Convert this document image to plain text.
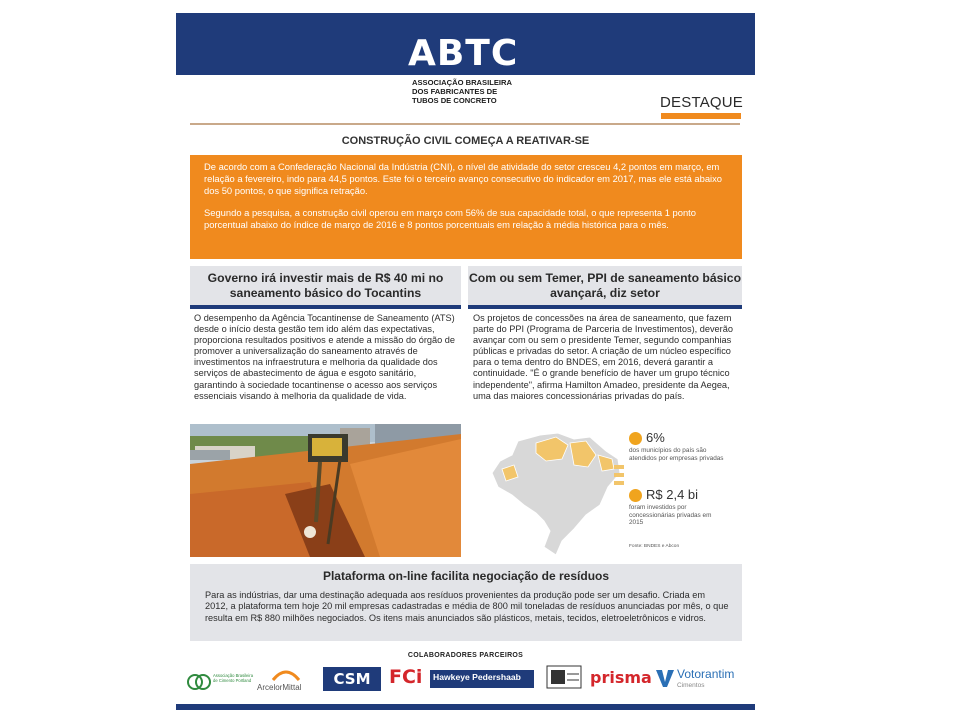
ABTC
ASSOCIAÇÃO BRASILEIRA
DOS FABRICANTES DE
TUBOS DE CONCRETO	DESTAQUE
CONSTRUÇÃO CIVIL COMEÇA A REATIVAR-SE

De acordo com a Confederação Nacional da Indústria (CNI), o nível de atividade do setor cresceu 4,2 pontos em março, em relação a fevereiro, indo para 44,5 pontos. Este foi o terceiro avanço consecutivo do indicador em 2017, mas ele está abaixo dos 50 pontos, o que significa retração.

Segundo a pesquisa, a construção civil operou em março com 56% de sua capacidade total, o que representa 1 ponto porcentual abaixo do índice de março de 2016 e 8 pontos porcentuais em relação à média histórica para o mês.

Governo irá investir mais de R$ 40 mi no saneamento básico do Tocantins
O desempenho da Agência Tocantinense de Saneamento (ATS) desde o início desta gestão tem ido além das expectativas, proporciona resultados positivos e atende a missão do órgão de promover a universalização do saneamento através de investimentos na infraestrutura e melhoria da qualidade dos serviços de abastecimento de água e esgoto sanitário, garantindo à sociedade tocantinense o acesso aos serviços essenciais visando à melhoria da qualidade de vida.
Com ou sem Temer, PPI de saneamento básico avançará, diz setor
Os projetos de concessões na área de saneamento, que fazem parte do PPI (Programa de Parceria de Investimentos), deverão avançar com ou sem o presidente Temer, segundo companhias públicas e privadas do setor. A criação de um núcleo específico para o tema dentro do BNDES, em 2016, deverá garantir a continuidade. "É o grande benefício de haver um grupo técnico independente", afirma Hamilton Amadeo, presidente da Aegea, uma das maiores concessionárias privadas do país.
6%
dos municípios do país são atendidos por empresas privadas
R$ 2,4 bi
foram investidos por concessionárias privadas em 2015
Fonte: BNDES e Abcon
Plataforma on-line facilita negociação de resíduos
Para as indústrias, dar uma destinação adequada aos resíduos provenientes da produção pode ser um desafio. Criada em 2012, a plataforma tem hoje 20 mil empresas cadastradas e média de 800 mil toneladas de resíduos anunciadas por mês, o que resulta em R$ 880 milhões negociados. Os itens mais anunciados são plásticos, metais, tecidos, eletroeletrônicos e vidros.
COLABORADORES PARCEIROS
Associação Brasileira de Cimento Portland
ArcelorMittal	CSM FCi Hawkeye Pedershaab	prisma Votorantim
Cimentos
